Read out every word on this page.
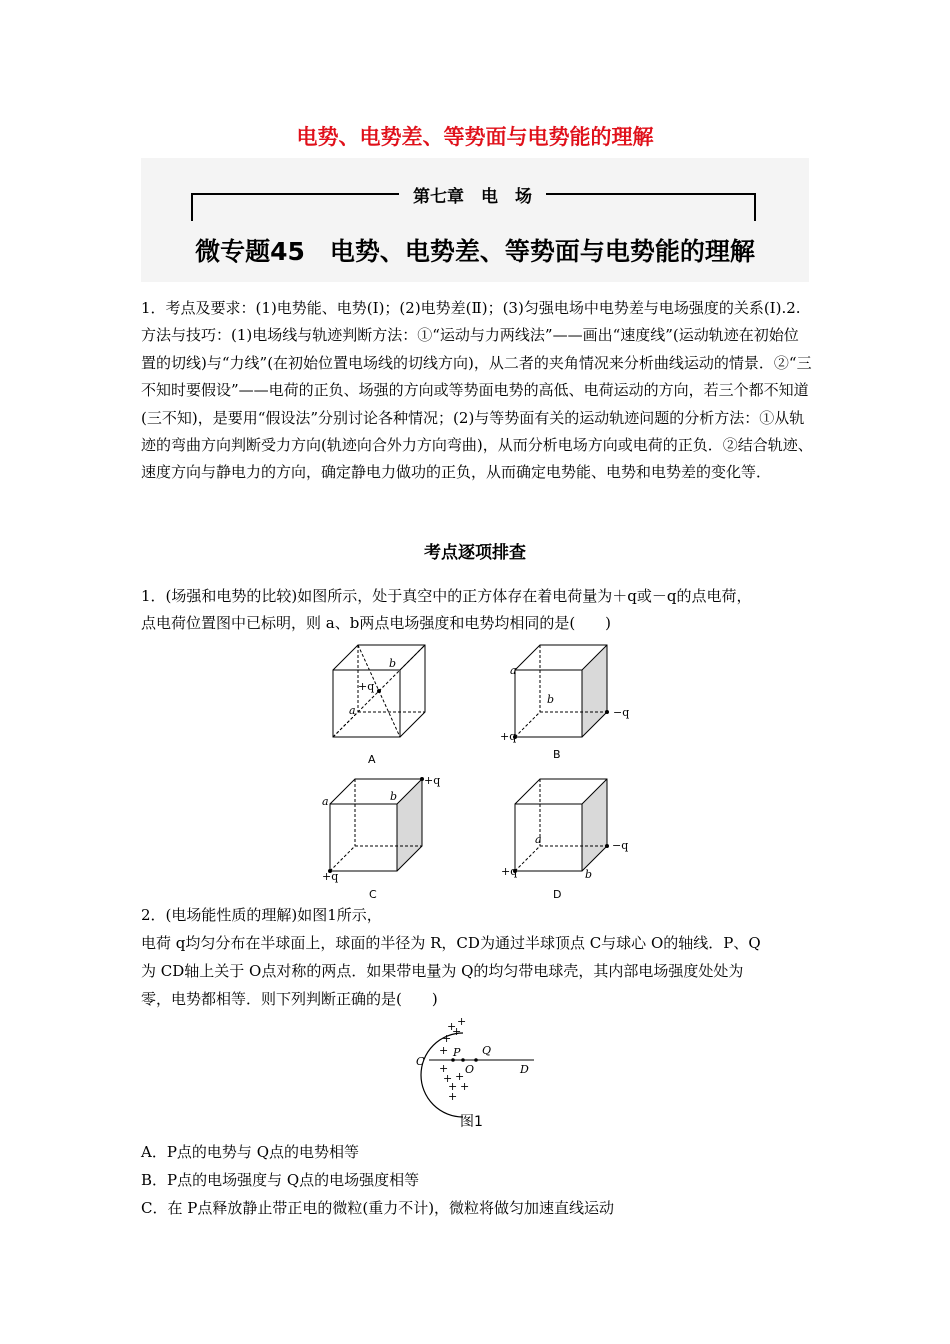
电势、电势差、等势面与电势能的理解
第七章　电　场
微专题45　电势、电势差、等势面与电势能的理解
1．考点及要求：(1)电势能、电势(Ⅰ)；(2)电势差(Ⅱ)；(3)匀强电场中电势差与电场强度的关系(Ⅰ).2.方法与技巧：(1)电场线与轨迹判断方法：①“运动与力两线法”——画出“速度线”(运动轨迹在初始位置的切线)与“力线”(在初始位置电场线的切线方向)，从二者的夹角情况来分析曲线运动的情景．②“三不知时要假设”——电荷的正负、场强的方向或等势面电势的高低、电荷运动的方向，若三个都不知道(三不知)，是要用“假设法”分别讨论各种情况；(2)与等势面有关的运动轨迹问题的分析方法：①从轨迹的弯曲方向判断受力方向(轨迹向合外力方向弯曲)，从而分析电场方向或电荷的正负．②结合轨迹、速度方向与静电力的方向，确定静电力做功的正负，从而确定电势能、电势和电势差的变化等．
考点逐项排查
1．(场强和电势的比较)如图所示，处于真空中的正方体存在着电荷量为＋q或－q的点电荷，
点电荷位置图中已标明，则 a、b两点电场强度和电势均相同的是(　　)
b
+q
a
A
a
b
−q
+q
B
+q
a	b
+q
C
a	−q
+q	b
D
2．(电场能性质的理解)如图1所示，
电荷 q均匀分布在半球面上，球面的半径为 R，CD为通过半球顶点 C与球心 O的轴线．P、Q
为 CD轴上关于 O点对称的两点．如果带电量为 Q的均匀带电球壳，其内部电场强度处处为
零，电势都相等．则下列判断正确的是(　　)
+ +
+
+
+
+
+ +
+ +
+
C
P
O
Q
D
图1
A．P点的电势与 Q点的电势相等
B．P点的电场强度与 Q点的电场强度相等
C．在 P点释放静止带正电的微粒(重力不计)，微粒将做匀加速直线运动
